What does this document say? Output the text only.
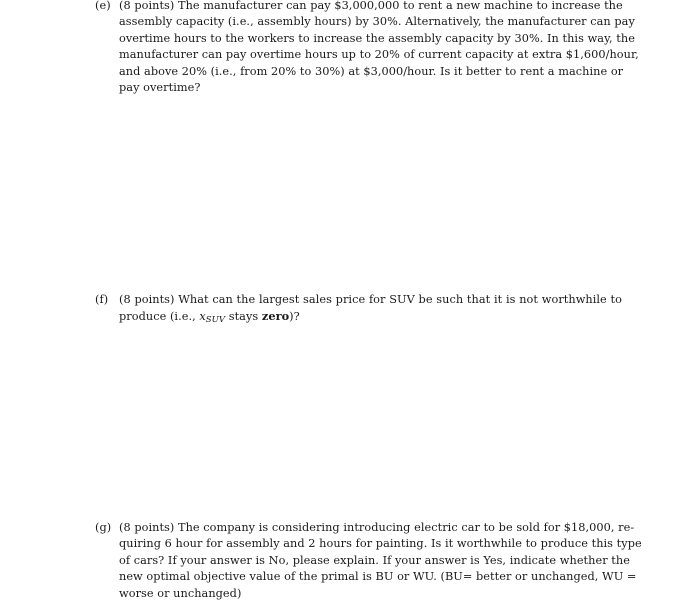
(e) (8 points) The manufacturer can pay $3,000,000 to rent a new machine to increase the
assembly capacity (i.e., assembly hours) by 30%. Alternatively, the manufacturer can pay
overtime hours to the workers to increase the assembly capacity by 30%. In this way, the
manufacturer can pay overtime hours up to 20% of current capacity at extra $1,600/hour,
and above 20% (i.e., from 20% to 30%) at $3,000/hour. Is it better to rent a machine or
pay overtime?
(f) (8 points) What can the largest sales price for SUV be such that it is not worthwhile to
produce (i.e., xSUV stays zero)?
(g) (8 points) The company is considering introducing electric car to be sold for $18,000, re-
quiring 6 hour for assembly and 2 hours for painting. Is it worthwhile to produce this type
of cars? If your answer is No, please explain. If your answer is Yes, indicate whether the
new optimal objective value of the primal is BU or WU. (BU= better or unchanged, WU =
worse or unchanged)
